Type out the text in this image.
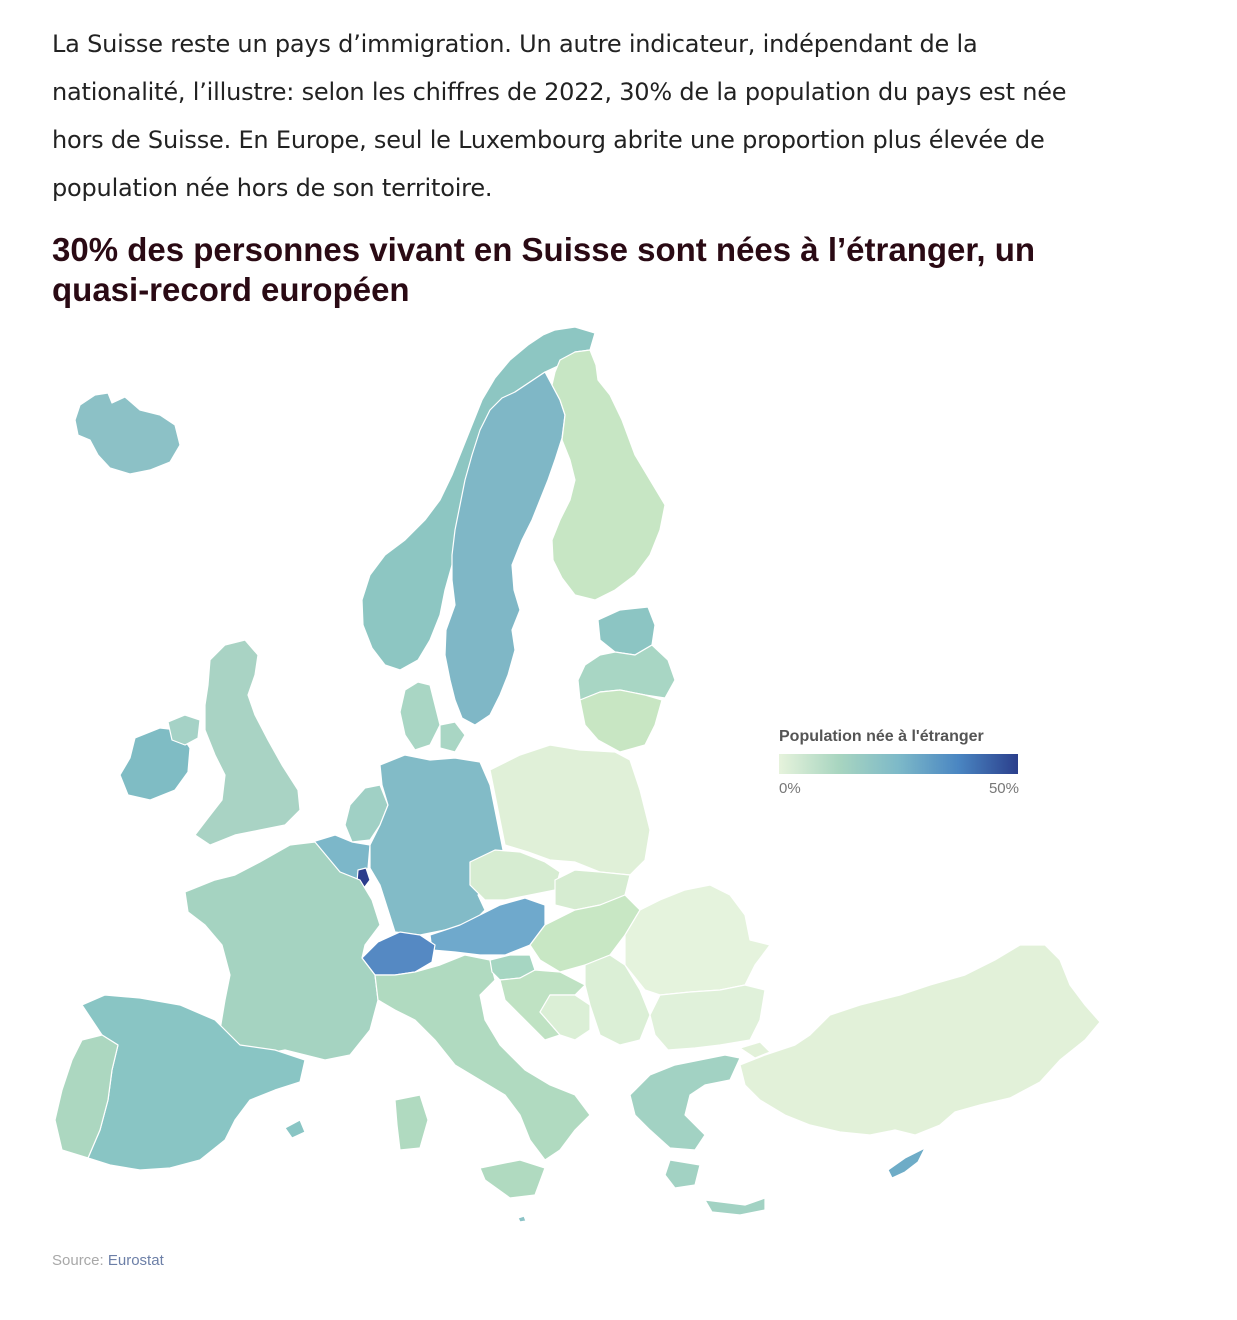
La Suisse reste un pays d’immigration. Un autre indicateur, indépendant de la nationalité, l’illustre: selon les chiffres de 2022, 30% de la population du pays est née hors de Suisse. En Europe, seul le Luxembourg abrite une proportion plus élevée de population née hors de son territoire.

30% des personnes vivant en Suisse sont nées à l’étranger, un quasi-record européen
Population née à l'étranger
0%	50%
Source: Eurostat
